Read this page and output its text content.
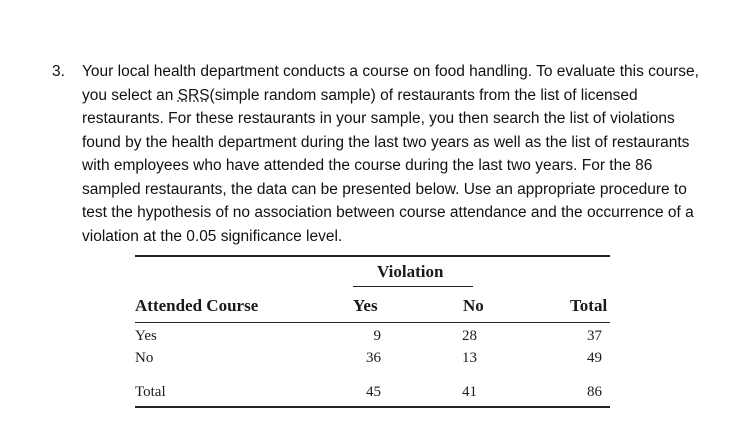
3. Your local health department conducts a course on food handling. To evaluate this course, you select an SRS(simple random sample) of restaurants from the list of licensed restaurants. For these restaurants in your sample, you then search the list of violations found by the health department during the last two years as well as the list of restaurants with employees who have attended the course during the last two years. For the 86 sampled restaurants, the data can be presented below. Use an appropriate procedure to test the hypothesis of no association between course attendance and the occurrence of a violation at the 0.05 significance level.
Violation
Attended Course	Yes	No	Total
Yes	9	28	37
No	36	13	49
Total	45	41	86
